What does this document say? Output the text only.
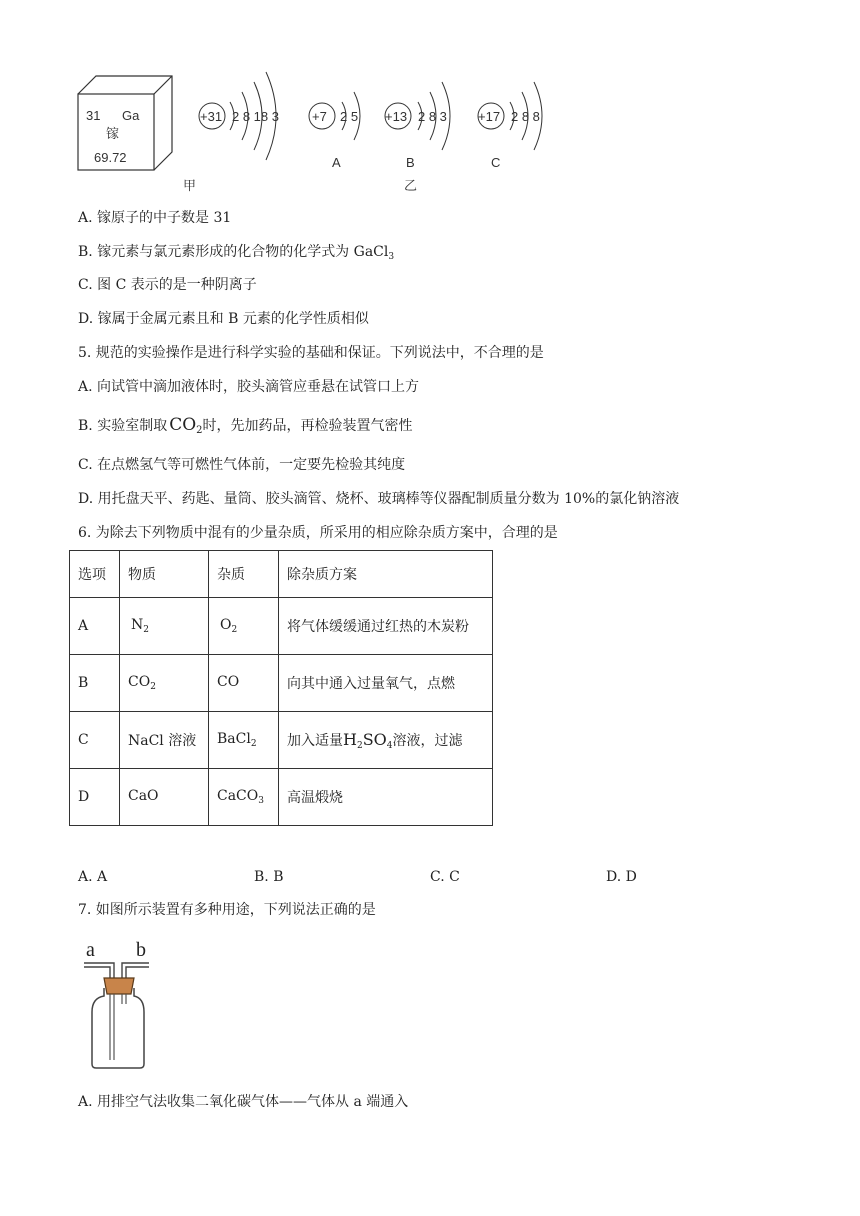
31 Ga
镓
69.72
甲
+31 2 8 18 3	+7 2 5
A
+13 2 8 3
B
乙
+17 2 8 8
C
A. 镓原子的中子数是 31
B. 镓元素与氯元素形成的化合物的化学式为 GaCl$_3$
C. 图 C 表示的是一种阴离子
D. 镓属于金属元素且和 B 元素的化学性质相似
5. 规范的实验操作是进行科学实验的基础和保证。下列说法中，不合理的是
A. 向试管中滴加液体时，胶头滴管应垂悬在试管口上方
B. 实验室制取 $CO_2$时，先加药品，再检验装置气密性
C. 在点燃氢气等可燃性气体前，一定要先检验其纯度
D. 用托盘天平、药匙、量筒、胶头滴管、烧杯、玻璃棒等仪器配制质量分数为 10%的氯化钠溶液
6. 为除去下列物质中混有的少量杂质，所采用的相应除杂质方案中，合理的是
选项	物质	杂质	除杂质方案
A	$N_2$	$O_2$	将气体缓缓通过红热的木炭粉
B	$CO_2$	CO	向其中通入过量氧气，点燃
C	NaCl 溶液	BaCl$_2$	加入适量$H_2SO_4$溶液，过滤
D	CaO	CaCO$_3$	高温煅烧
A. A	B. B	C. C	D. D
7. 如图所示装置有多种用途，下列说法正确的是
a b
A. 用排空气法收集二氧化碳气体——气体从 a 端通入
